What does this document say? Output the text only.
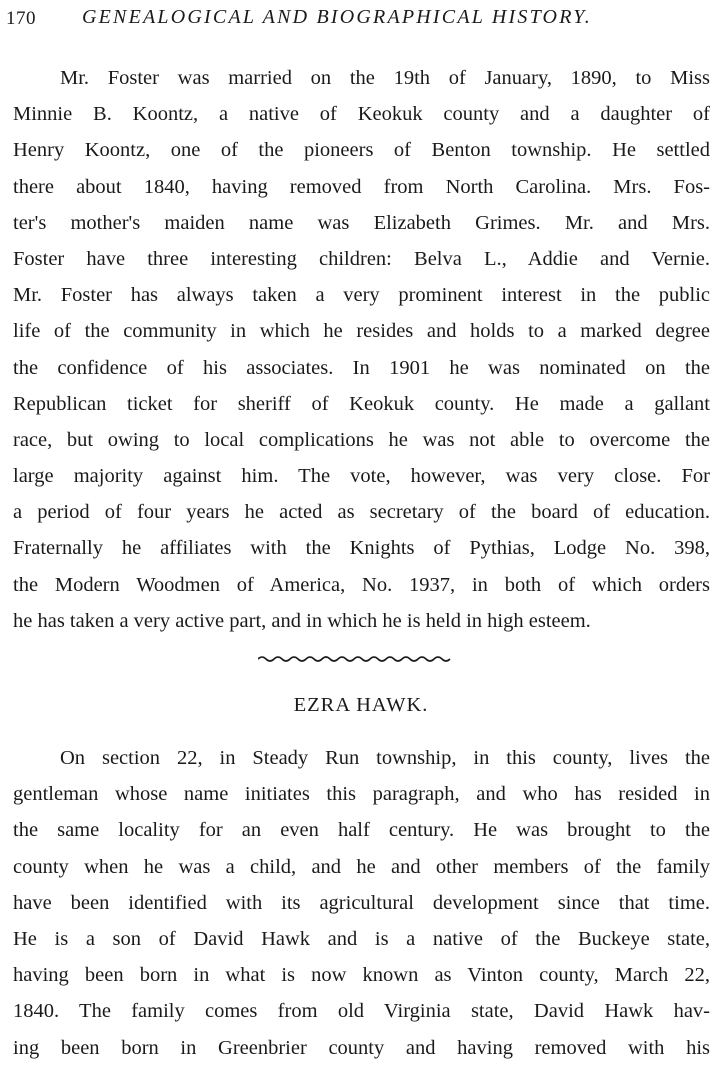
170 GENEALOGICAL AND BIOGRAPHICAL HISTORY.

Mr. Foster was married on the 19th of January, 1890, to Miss
Minnie B. Koontz, a native of Keokuk county and a daughter of
Henry Koontz, one of the pioneers of Benton township. He settled
there about 1840, having removed from North Carolina. Mrs. Fos-
ter's mother's maiden name was Elizabeth Grimes. Mr. and Mrs.
Foster have three interesting children: Belva L., Addie and Vernie.
Mr. Foster has always taken a very prominent interest in the public
life of the community in which he resides and holds to a marked degree
the confidence of his associates. In 1901 he was nominated on the
Republican ticket for sheriff of Keokuk county. He made a gallant
race, but owing to local complications he was not able to overcome the
large majority against him. The vote, however, was very close. For
a period of four years he acted as secretary of the board of education.
Fraternally he affiliates with the Knights of Pythias, Lodge No. 398,
the Modern Woodmen of America, No. 1937, in both of which orders
he has taken a very active part, and in which he is held in high esteem.

EZRA HAWK.

On section 22, in Steady Run township, in this county, lives the
gentleman whose name initiates this paragraph, and who has resided in
the same locality for an even half century. He was brought to the
county when he was a child, and he and other members of the family
have been identified with its agricultural development since that time.
He is a son of David Hawk and is a native of the Buckeye state,
having been born in what is now known as Vinton county, March 22,
1840. The family comes from old Virginia state, David Hawk hav-
ing been born in Greenbrier county and having removed with his
